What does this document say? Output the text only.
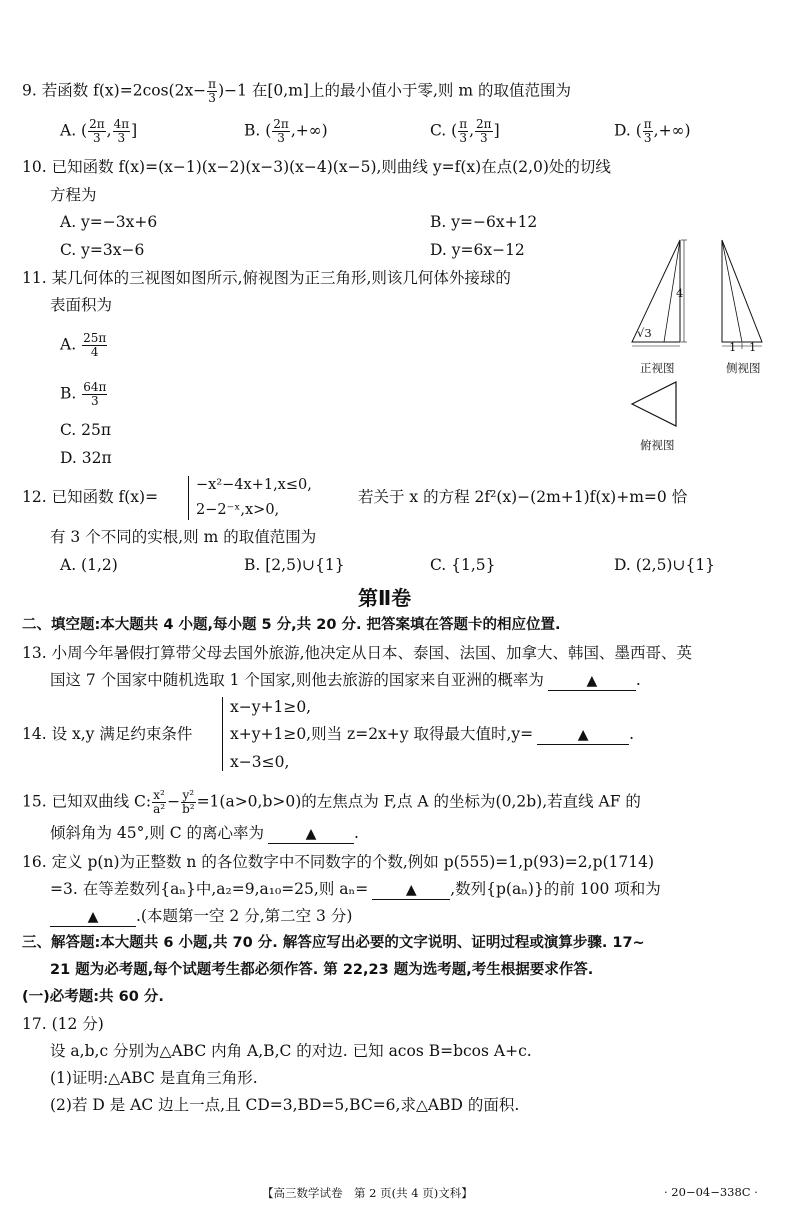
9. 若函数 $f(x)=2\cos(2x- \frac{\pi}{3} )-1$ 在[0,m]上的最小值小于零,则 m 的取值范围为
A. ( $\frac{2\pi}{3}$ , $\frac{4\pi}{3}$ ]	B. ( $\frac{2\pi}{3}$ ,+∞)	C. ( $\frac{\pi}{3}$ , $\frac{2\pi}{3}$ ]	D. ( $\frac{\pi}{3}$ ,+∞)
10. 已知函数 f(x)=(x−1)(x−2)(x−3)(x−4)(x−5),则曲线 y=f(x)在点(2,0)处的切线
方程为
A. y=−3x+6	B. y=−6x+12
C. y=3x−6	D. y=6x−12
11. 某几何体的三视图如图所示,俯视图为正三角形,则该几何体外接球的
表面积为
A. $\frac{25\pi}{4}$
B. $\frac{64\pi}{3}$
C. 25π
D. 32π
4
√3
1 1
正视图	侧视图
俯视图
12. 已知函数 f(x)=
−x²−4x+1,x≤0,
2−2⁻ˣ,x>0,
若关于 x 的方程 2f²(x)−(2m+1)f(x)+m=0 恰
有 3 个不同的实根,则 m 的取值范围为
A. (1,2)	B. [2,5)∪{1}	C. {1,5}	D. (2,5)∪{1}
第Ⅱ卷
二、填空题:本大题共 4 小题,每小题 5 分,共 20 分. 把答案填在答题卡的相应位置.
13. 小周今年暑假打算带父母去国外旅游,他决定从日本、泰国、法国、加拿大、韩国、墨西哥、英
国这 7 个国家中随机选取 1 个国家,则他去旅游的国家来自亚洲的概率为	▲ .
14. 设 x,y 满足约束条件
x−y+1≥0,
x+y+1≥0,则当 z=2x+y 取得最大值时,y=	▲	.
x−3≤0,
15. 已知双曲线 C: $\frac{\text{x²}}{\text{a²}} - \frac{\text{y²}}{\text{b²}} =1(a>0,b>0)$的左焦点为 F,点 A 的坐标为(0,2b),若直线 AF 的
倾斜角为 45°,则 C 的离心率为	▲ .
16. 定义 p(n)为正整数 n 的各位数字中不同数字的个数,例如 p(555)=1,p(93)=2,p(1714)
=3. 在等差数列{aₙ}中,a₂=9,a₁₀=25,则 aₙ=	▲ ,数列{p(aₙ)}的前 100 项和为
▲ .(本题第一空 2 分,第二空 3 分)
三、解答题:本大题共 6 小题,共 70 分. 解答应写出必要的文字说明、证明过程或演算步骤. 17~
21 题为必考题,每个试题考生都必须作答. 第 22,23 题为选考题,考生根据要求作答.
(一)必考题:共 60 分.
17. (12 分)
设 a,b,c 分别为△ABC 内角 A,B,C 的对边. 已知 acos B=bcos A+c.
(1)证明:△ABC 是直角三角形.
(2)若 D 是 AC 边上一点,且 CD=3,BD=5,BC=6,求△ABD 的面积.
【高三数学试卷　第 2 页(共 4 页)文科】	· 20−04−338C ·
